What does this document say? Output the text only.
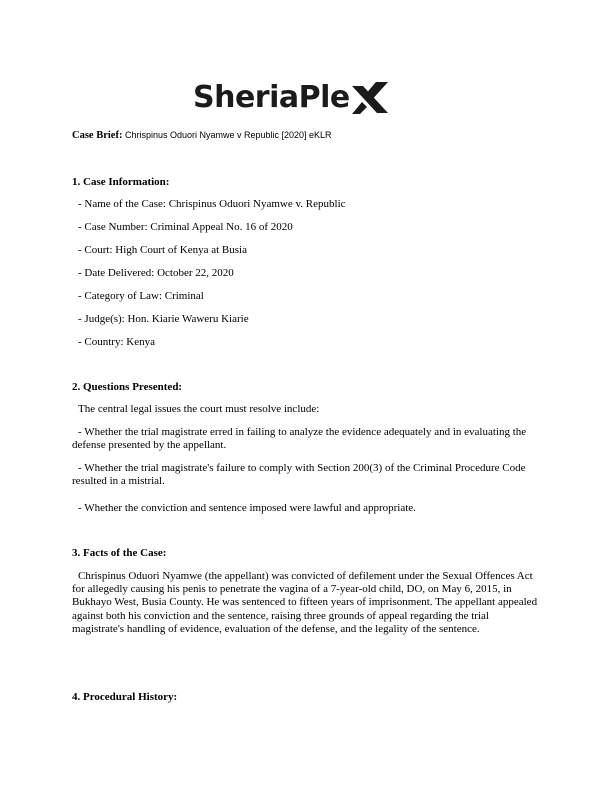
SheriaPle
Case Brief: Chrispinus Oduori Nyamwe v Republic [2020] eKLR
1. Case Information:
- Name of the Case: Chrispinus Oduori Nyamwe v. Republic
- Case Number: Criminal Appeal No. 16 of 2020
- Court: High Court of Kenya at Busia
- Date Delivered: October 22, 2020
- Category of Law: Criminal
- Judge(s): Hon. Kiarie Waweru Kiarie
- Country: Kenya
2. Questions Presented:
The central legal issues the court must resolve include:
- Whether the trial magistrate erred in failing to analyze the evidence adequately and in evaluating the defense presented by the appellant.
- Whether the trial magistrate's failure to comply with Section 200(3) of the Criminal Procedure Code resulted in a mistrial.
- Whether the conviction and sentence imposed were lawful and appropriate.
3. Facts of the Case:
Chrispinus Oduori Nyamwe (the appellant) was convicted of defilement under the Sexual Offences Act for allegedly causing his penis to penetrate the vagina of a 7-year-old child, DO, on May 6, 2015, in Bukhayo West, Busia County. He was sentenced to fifteen years of imprisonment. The appellant appealed against both his conviction and the sentence, raising three grounds of appeal regarding the trial magistrate's handling of evidence, evaluation of the defense, and the legality of the sentence.
4. Procedural History:
